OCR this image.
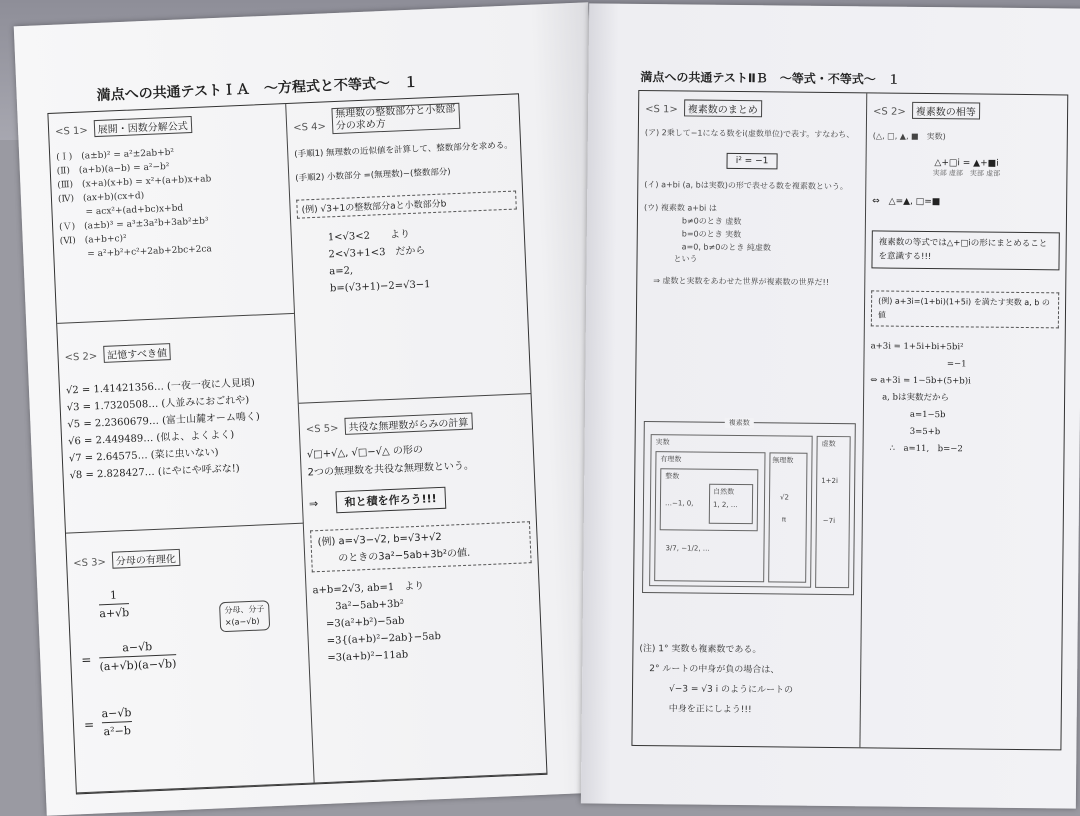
満点への共通テストＩＡ　〜方程式と不等式〜　１
<S 1> 展開・因数分解公式
(Ｉ)　(a±b)² = a²±2ab+b²
(Ⅱ)　(a+b)(a−b) = a²−b²
(Ⅲ)　(x+a)(x+b) = x²+(a+b)x+ab
(Ⅳ)　(ax+b)(cx+d)
　　　= acx²+(ad+bc)x+bd
(Ｖ)　(a±b)³ = a³±3a²b+3ab²±b³
(Ⅵ)　(a+b+c)²
　　　= a²+b²+c²+2ab+2bc+2ca
<S 2> 記憶すべき値
√2 = 1.41421356… (一夜一夜に人見頃)
√3 = 1.7320508… (人並みにおごれや)
√5 = 2.2360679… (富士山麓オーム鳴く)
√6 = 2.449489… (似よ、よくよく)
√7 = 2.64575… (菜に虫いない)
√8 = 2.828427… (にやにや呼ぶな!)
<S 3> 分母の有理化
$\frac{1}{a+√b}$	分母、分子
×(a−√b)
= $\frac{a-√b}{(a+√b)(a-√b)}$
= $\frac{a-√b}{\text{a²−b}}$
<S 4>無理数の整数部分と小数部分の求め方
(手順1) 無理数の近似値を計算して、整数部分を求める。
(手順2) 小数部分 =(無理数)−(整数部分)
(例) √3+1の整数部分aと小数部分b
1<√3<2　　より
2<√3+1<3　だから
a=2,
b=(√3+1)−2=√3−1
<S 5> 共役な無理数がらみの計算
√□+√△, √□−√△ の形の
2つの無理数を共役な無理数という。
⇒ 和と積を作ろう!!!
(例) a=√3−√2, b=√3+√2
のときの3a²−5ab+3b²の値.
a+b=2√3, ab=1　より
3a²−5ab+3b²
=3(a²+b²)−5ab
=3{(a+b)²−2ab}−5ab
=3(a+b)²−11ab
満点への共通テストⅡＢ　〜等式・不等式〜　１
<S 1> 複素数のまとめ
(ア) 2乗して−1になる数をi(虚数単位)で表す。すなわち、
i² = −1
(イ) a+bi (a, bは実数)の形で表せる数を複素数という。
(ウ) 複素数 a+bi は
b≠0のとき 虚数
b=0のとき 実数
a=0, b≠0のとき 純虚数
という
⇒ 虚数と実数をあわせた世界が複素数の世界だ!!
複素数
実数
有理数
整数
…−1, 0,
自然数
1, 2, …
3/7, −1/2, …
無理数
√2
π
虚数
1+2i
−7i
(注) 1° 実数も複素数である。
2° ルートの中身が負の場合は、
√−3 = √3 i のようにルートの
中身を正にしよう!!!
<S 2> 複素数の相等
(△, □, ▲, ■　実数)
△+□i = ▲+■i
実部 虚部　実部 虚部
⇔　△=▲, □=■
複素数の等式では△+□iの形にまとめることを意識する!!!
(例) a+3i=(1+bi)(1+5i) を満たす実数 a, b の値
a+3i = 1+5i+bi+5bi²
　　　　　　　　　=−1
⇔ a+3i = 1−5b+(5+b)i
a, bは実数だから
a=1−5b
3=5+b
∴　a=11,　b=−2
